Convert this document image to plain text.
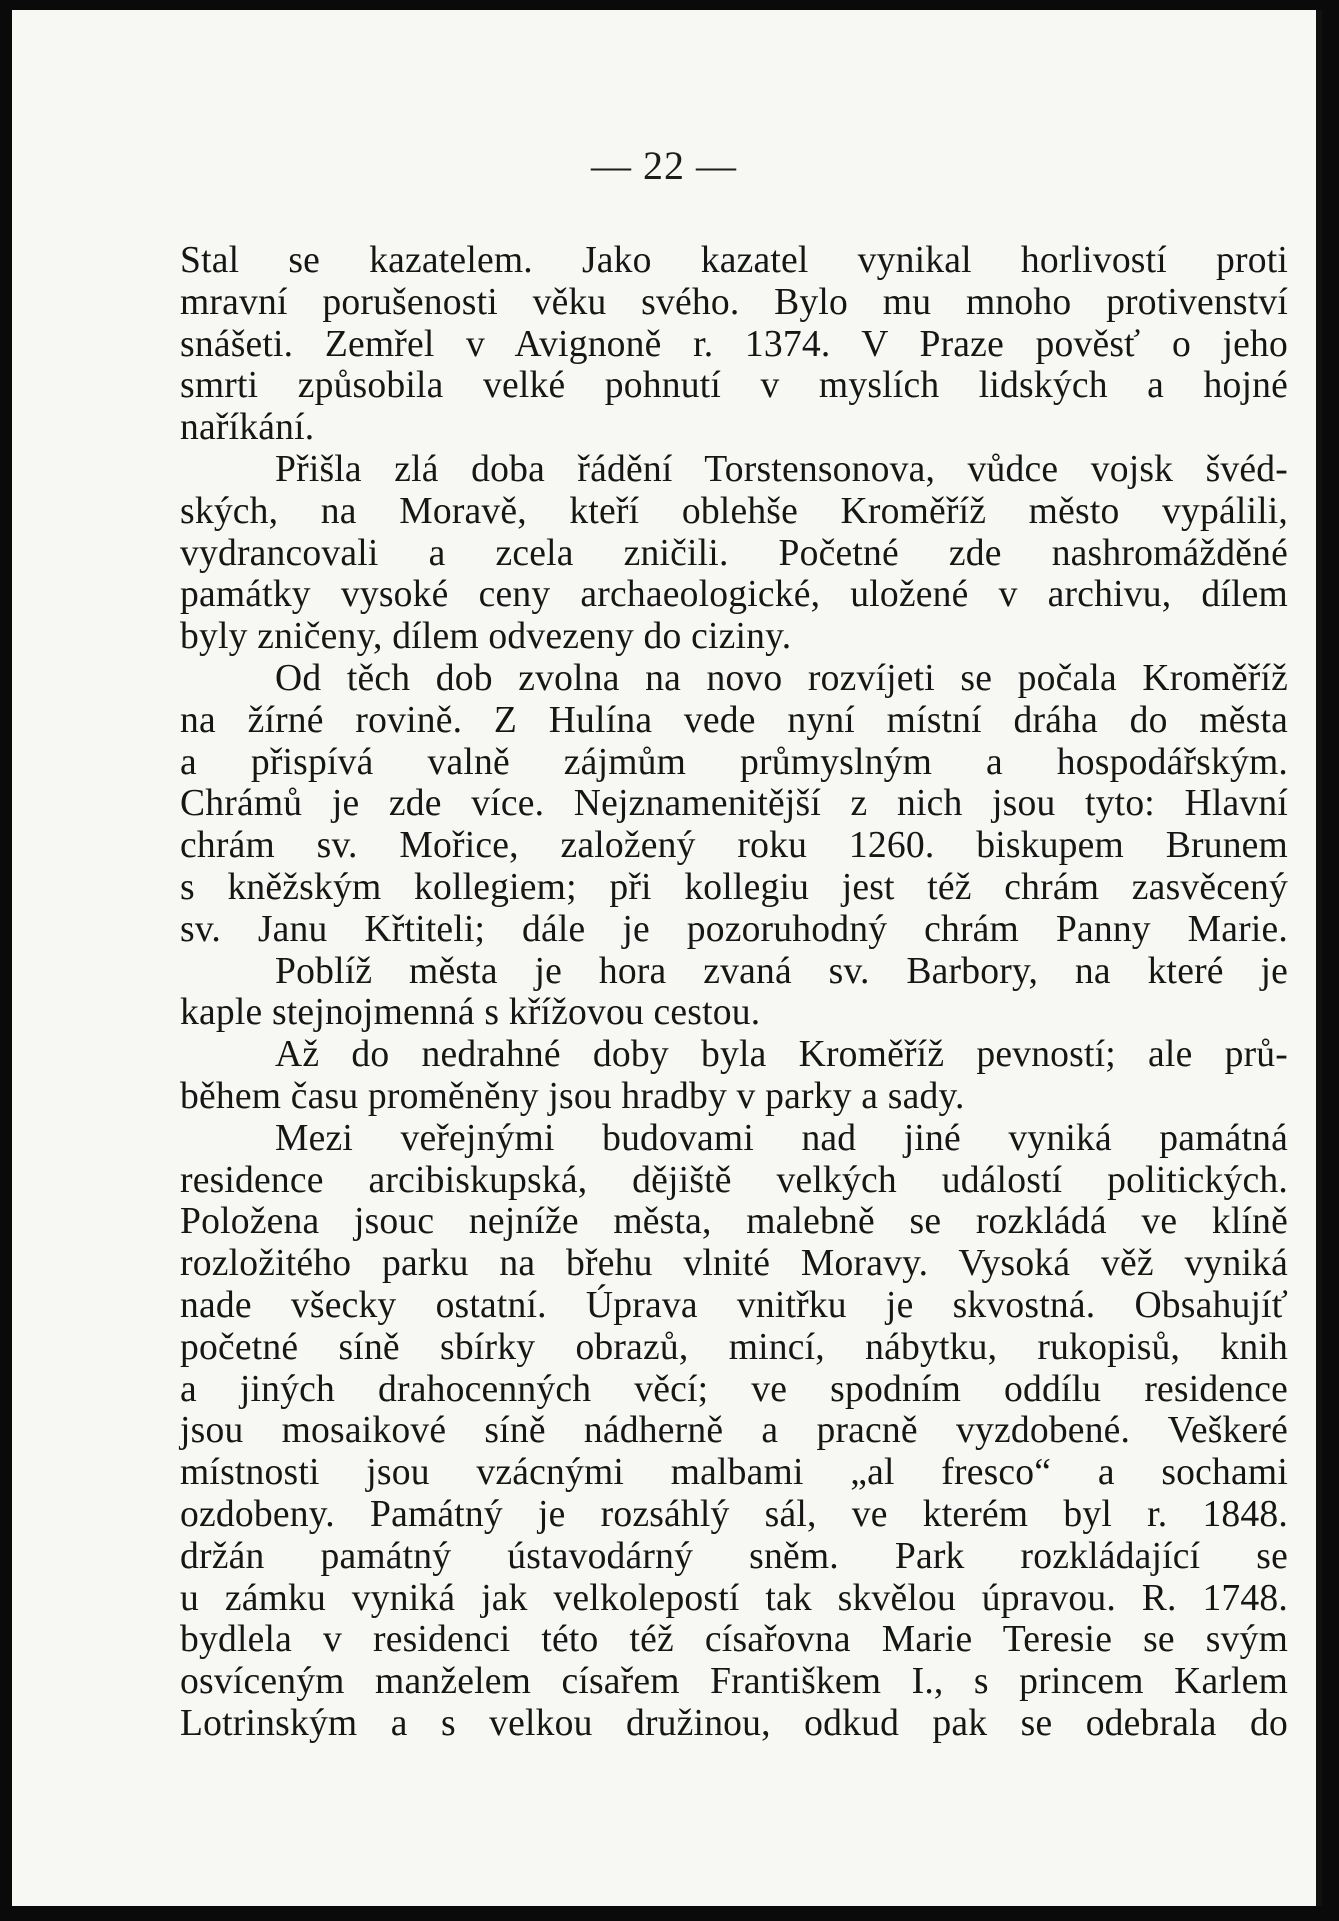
— 22 —
Stal se kazatelem. Jako kazatel vynikal horlivostí proti
mravní porušenosti věku svého. Bylo mu mnoho protivenství
snášeti. Zemřel v Avignoně r. 1374. V Praze pověsť o jeho
smrti způsobila velké pohnutí v myslích lidských a hojné
naříkání.
Přišla zlá doba řádění Torstensonova, vůdce vojsk švéd-
ských, na Moravě, kteří oblehše Kroměříž město vypálili,
vydrancovali a zcela zničili. Početné zde nashromážděné
památky vysoké ceny archaeologické, uložené v archivu, dílem
byly zničeny, dílem odvezeny do ciziny.
Od těch dob zvolna na novo rozvíjeti se počala Kroměříž
na žírné rovině. Z Hulína vede nyní místní dráha do města
a přispívá valně zájmům průmyslným a hospodářským.
Chrámů je zde více. Nejznamenitější z nich jsou tyto: Hlavní
chrám sv. Mořice, založený roku 1260. biskupem Brunem
s kněžským kollegiem; při kollegiu jest též chrám zasvěcený
sv. Janu Křtiteli; dále je pozoruhodný chrám Panny Marie.
Poblíž města je hora zvaná sv. Barbory, na které je
kaple stejnojmenná s křížovou cestou.
Až do nedrahné doby byla Kroměříž pevností; ale prů-
během času proměněny jsou hradby v parky a sady.
Mezi veřejnými budovami nad jiné vyniká památná
residence arcibiskupská, dějiště velkých událostí politických.
Položena jsouc nejníže města, malebně se rozkládá ve klíně
rozložitého parku na břehu vlnité Moravy. Vysoká věž vyniká
nade všecky ostatní. Úprava vnitřku je skvostná. Obsahujíť
početné síně sbírky obrazů, mincí, nábytku, rukopisů, knih
a jiných drahocenných věcí; ve spodním oddílu residence
jsou mosaikové síně nádherně a pracně vyzdobené. Veškeré
místnosti jsou vzácnými malbami „al fresco“ a sochami
ozdobeny. Památný je rozsáhlý sál, ve kterém byl r. 1848.
držán památný ústavodárný sněm. Park rozkládající se
u zámku vyniká jak velkolepostí tak skvělou úpravou. R. 1748.
bydlela v residenci této též císařovna Marie Teresie se svým
osvíceným manželem císařem Františkem I., s princem Karlem
Lotrinským a s velkou družinou, odkud pak se odebrala do
